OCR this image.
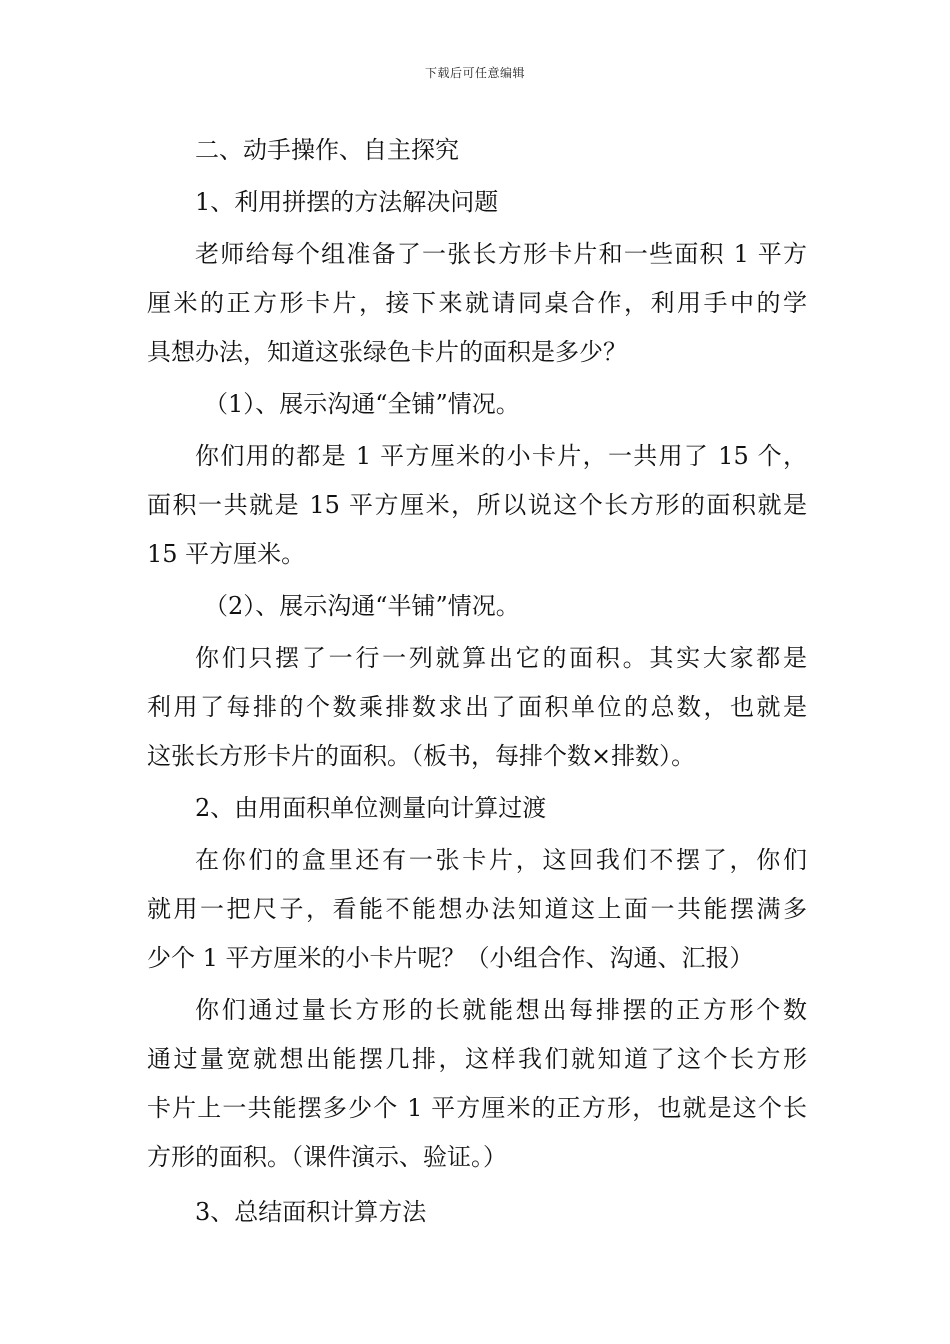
下载后可任意编辑
二、动手操作、自主探究
1、利用拼摆的方法解决问题
老师给每个组准备了一张长方形卡片和一些面积 1 平方
厘米的正方形卡片，接下来就请同桌合作，利用手中的学
具想办法，知道这张绿色卡片的面积是多少？
（1）、展示沟通“全铺”情况。
你们用的都是 1 平方厘米的小卡片，一共用了 15 个，
面积一共就是 15 平方厘米，所以说这个长方形的面积就是
15 平方厘米。
（2）、展示沟通“半铺”情况。
你们只摆了一行一列就算出它的面积。其实大家都是
利用了每排的个数乘排数求出了面积单位的总数，也就是
这张长方形卡片的面积。（板书，每排个数×排数）。
2、由用面积单位测量向计算过渡
在你们的盒里还有一张卡片，这回我们不摆了，你们
就用一把尺子，看能不能想办法知道这上面一共能摆满多
少个 1 平方厘米的小卡片呢？（小组合作、沟通、汇报）
你们通过量长方形的长就能想出每排摆的正方形个数
通过量宽就想出能摆几排，这样我们就知道了这个长方形
卡片上一共能摆多少个 1 平方厘米的正方形，也就是这个长
方形的面积。（课件演示、验证。）
3、总结面积计算方法
